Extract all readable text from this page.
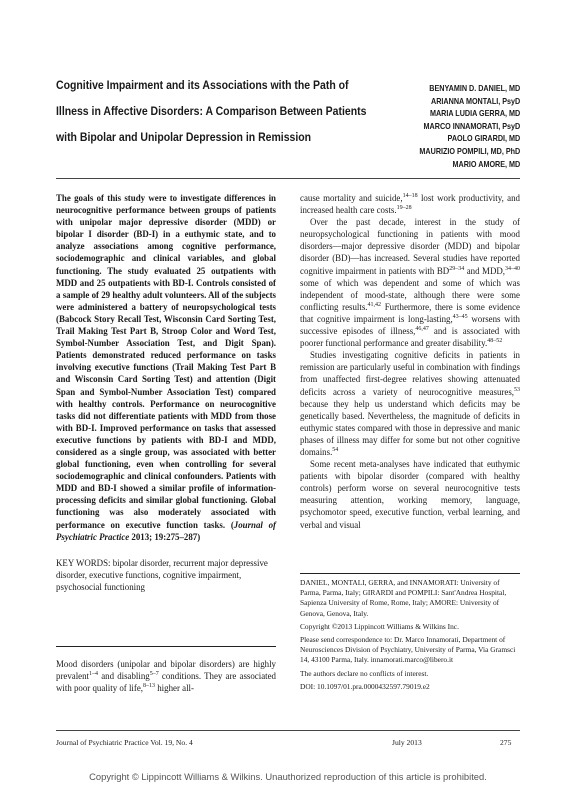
Cognitive Impairment and its Associations with the Path of
Illness in Affective Disorders: A Comparison Between Patients
with Bipolar and Unipolar Depression in Remission
BENYAMIN D. DANIEL, MD
ARIANNA MONTALI, PsyD
MARIA LUDIA GERRA, MD
MARCO INNAMORATI, PsyD
PAOLO GIRARDI, MD
MAURIZIO POMPILI, MD, PhD
MARIO AMORE, MD

The goals of this study were to investigate differences in neurocognitive performance between groups of patients with unipolar major depressive disorder (MDD) or bipolar I disorder (BD-I) in a euthymic state, and to analyze associations among cognitive performance, sociodemographic and clinical variables, and global functioning. The study evaluated 25 outpatients with MDD and 25 outpatients with BD-I. Controls consisted of a sample of 29 healthy adult volunteers. All of the subjects were administered a battery of neuropsychological tests (Babcock Story Recall Test, Wisconsin Card Sorting Test, Trail Making Test Part B, Stroop Color and Word Test, Symbol-Number Association Test, and Digit Span). Patients demonstrated reduced performance on tasks involving executive functions (Trail Making Test Part B and Wisconsin Card Sorting Test) and attention (Digit Span and Symbol-Number Association Test) compared with healthy controls. Performance on neurocognitive tasks did not differentiate patients with MDD from those with BD-I. Improved performance on tasks that assessed executive functions by patients with BD-I and MDD, considered as a single group, was associated with better global functioning, even when controlling for several sociodemographic and clinical confounders. Patients with MDD and BD-I showed a similar profile of information-processing deficits and similar global functioning. Global functioning was also moderately associated with performance on executive function tasks. (Journal of Psychiatric Practice 2013; 19:275–287)

KEY WORDS: bipolar disorder, recurrent major depressive disorder, executive functions, cognitive impairment, psychosocial functioning

Mood disorders (unipolar and bipolar disorders) are highly prevalent$^{1-4}$ and disabling$^{5-7}$ conditions. They are associated with poor quality of life,$^{8-13}$ higher all-

cause mortality and suicide,$^{14-18}$ lost work productivity, and increased health care costs.$^{19-28}$

Over the past decade, interest in the study of neuropsychological functioning in patients with mood disorders—major depressive disorder (MDD) and bipolar disorder (BD)—has increased. Several studies have reported cognitive impairment in patients with BD$^{29-34}$ and MDD,$^{34-40}$ some of which was dependent and some of which was independent of mood-state, although there were some conflicting results.$^{41,42}$ Furthermore, there is some evidence that cognitive impairment is long-lasting,$^{43-45}$ worsens with successive episodes of illness,$^{46,47}$ and is associated with poorer functional performance and greater disability.$^{48-52}$

Studies investigating cognitive deficits in patients in remission are particularly useful in combination with findings from unaffected first-degree relatives showing attenuated deficits across a variety of neurocognitive measures,$^{53}$ because they help us understand which deficits may be genetically based. Nevertheless, the magnitude of deficits in euthymic states compared with those in depressive and manic phases of illness may differ for some but not other cognitive domains.$^{54}$

Some recent meta-analyses have indicated that euthymic patients with bipolar disorder (compared with healthy controls) perform worse on several neurocognitive tests measuring attention, working memory, language, psychomotor speed, executive function, verbal learning, and verbal and visual

DANIEL, MONTALI, GERRA, and INNAMORATI: University of Parma, Parma, Italy; GIRARDI and POMPILI: Sant'Andrea Hospital, Sapienza University of Rome, Rome, Italy; AMORE: University of Genova, Genova, Italy.

Copyright ©2013 Lippincott Williams & Wilkins Inc.

Please send correspondence to: Dr. Marco Innamorati, Department of Neurosciences Division of Psychiatry, University of Parma, Via Gramsci 14, 43100 Parma, Italy. innamorati.marco@libero.it

The authors declare no conflicts of interest.

DOI: 10.1097/01.pra.0000432597.79019.e2

Journal of Psychiatric Practice Vol. 19, No. 4	July 2013	275
Copyright © Lippincott Williams & Wilkins. Unauthorized reproduction of this article is prohibited.
